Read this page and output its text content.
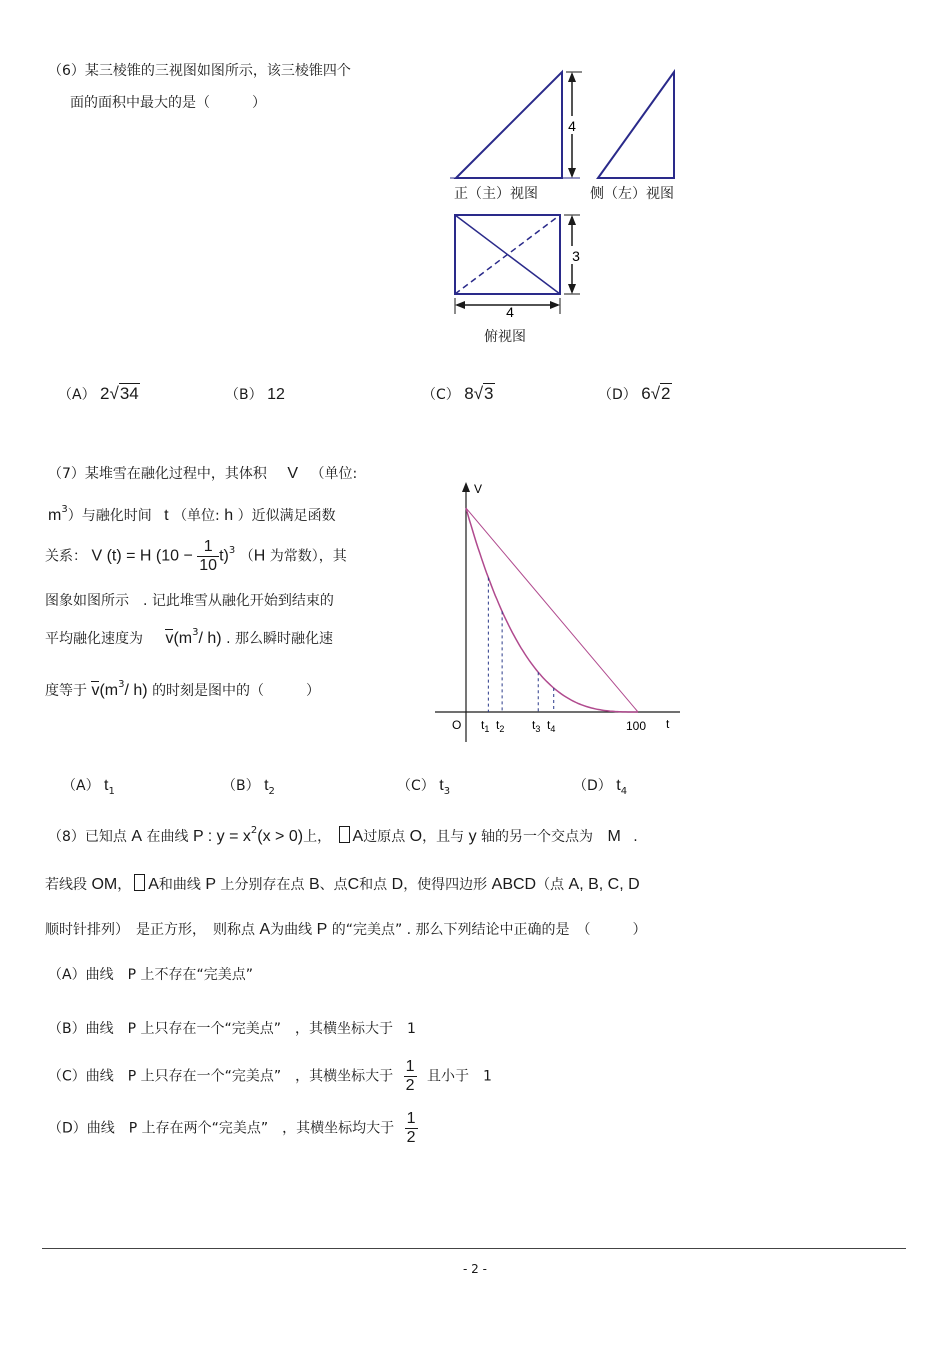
（6）某三棱锥的三视图如图所示，该三棱锥四个
面的面积中最大的是（　　　）
4
正（主）视图	侧（左）视图
3
4
俯视图
（A） 2√34	（B） 12	（C） 8√3	（D） 6√2
（7）某堆雪在融化过程中，其体积 V （单位:
$m^3$）与融化时间 t （单位: h ）近似满足函数
关系： V (t) = H $(10 - \frac{1}{10} t)^3$ （H 为常数），其
图象如图所示　. 记此堆雪从融化开始到结束的
平均融化速度为 $v(m^3/$ h) . 那么瞬时融化速
度等于 $v(m^3/$ h) 的时刻是图中的（　　　）
V
t
O	100
$t_1$ $t_2$ $t_3$ $t_4$
（A） $t_1$	（B） $t_2$	（C） $t_3$	（D） $t_4$
（8）已知点 A 在曲线 P : $y = x^2(x > 0)$上， A过原点 O，且与 y 轴的另一个交点为 M .
若线段 OM， A和曲线 P 上分别存在点 B、点C和点 D，使得四边形 ABCD（点 A, B, C, D
顺时针排列）　是正方形，　则称点 A为曲线 P 的“完美点” . 那么下列结论中正确的是　（　　　）
（A）曲线　P 上不存在“完美点”
（B）曲线　P 上只存在一个“完美点”　，其横坐标大于　1
（C）曲线　P 上只存在一个“完美点”　，其横坐标大于 $\frac{1}{2}$ 且小于　1
（D）曲线　P 上存在两个“完美点”　，其横坐标均大于 $\frac{1}{2}$
- 2 -
